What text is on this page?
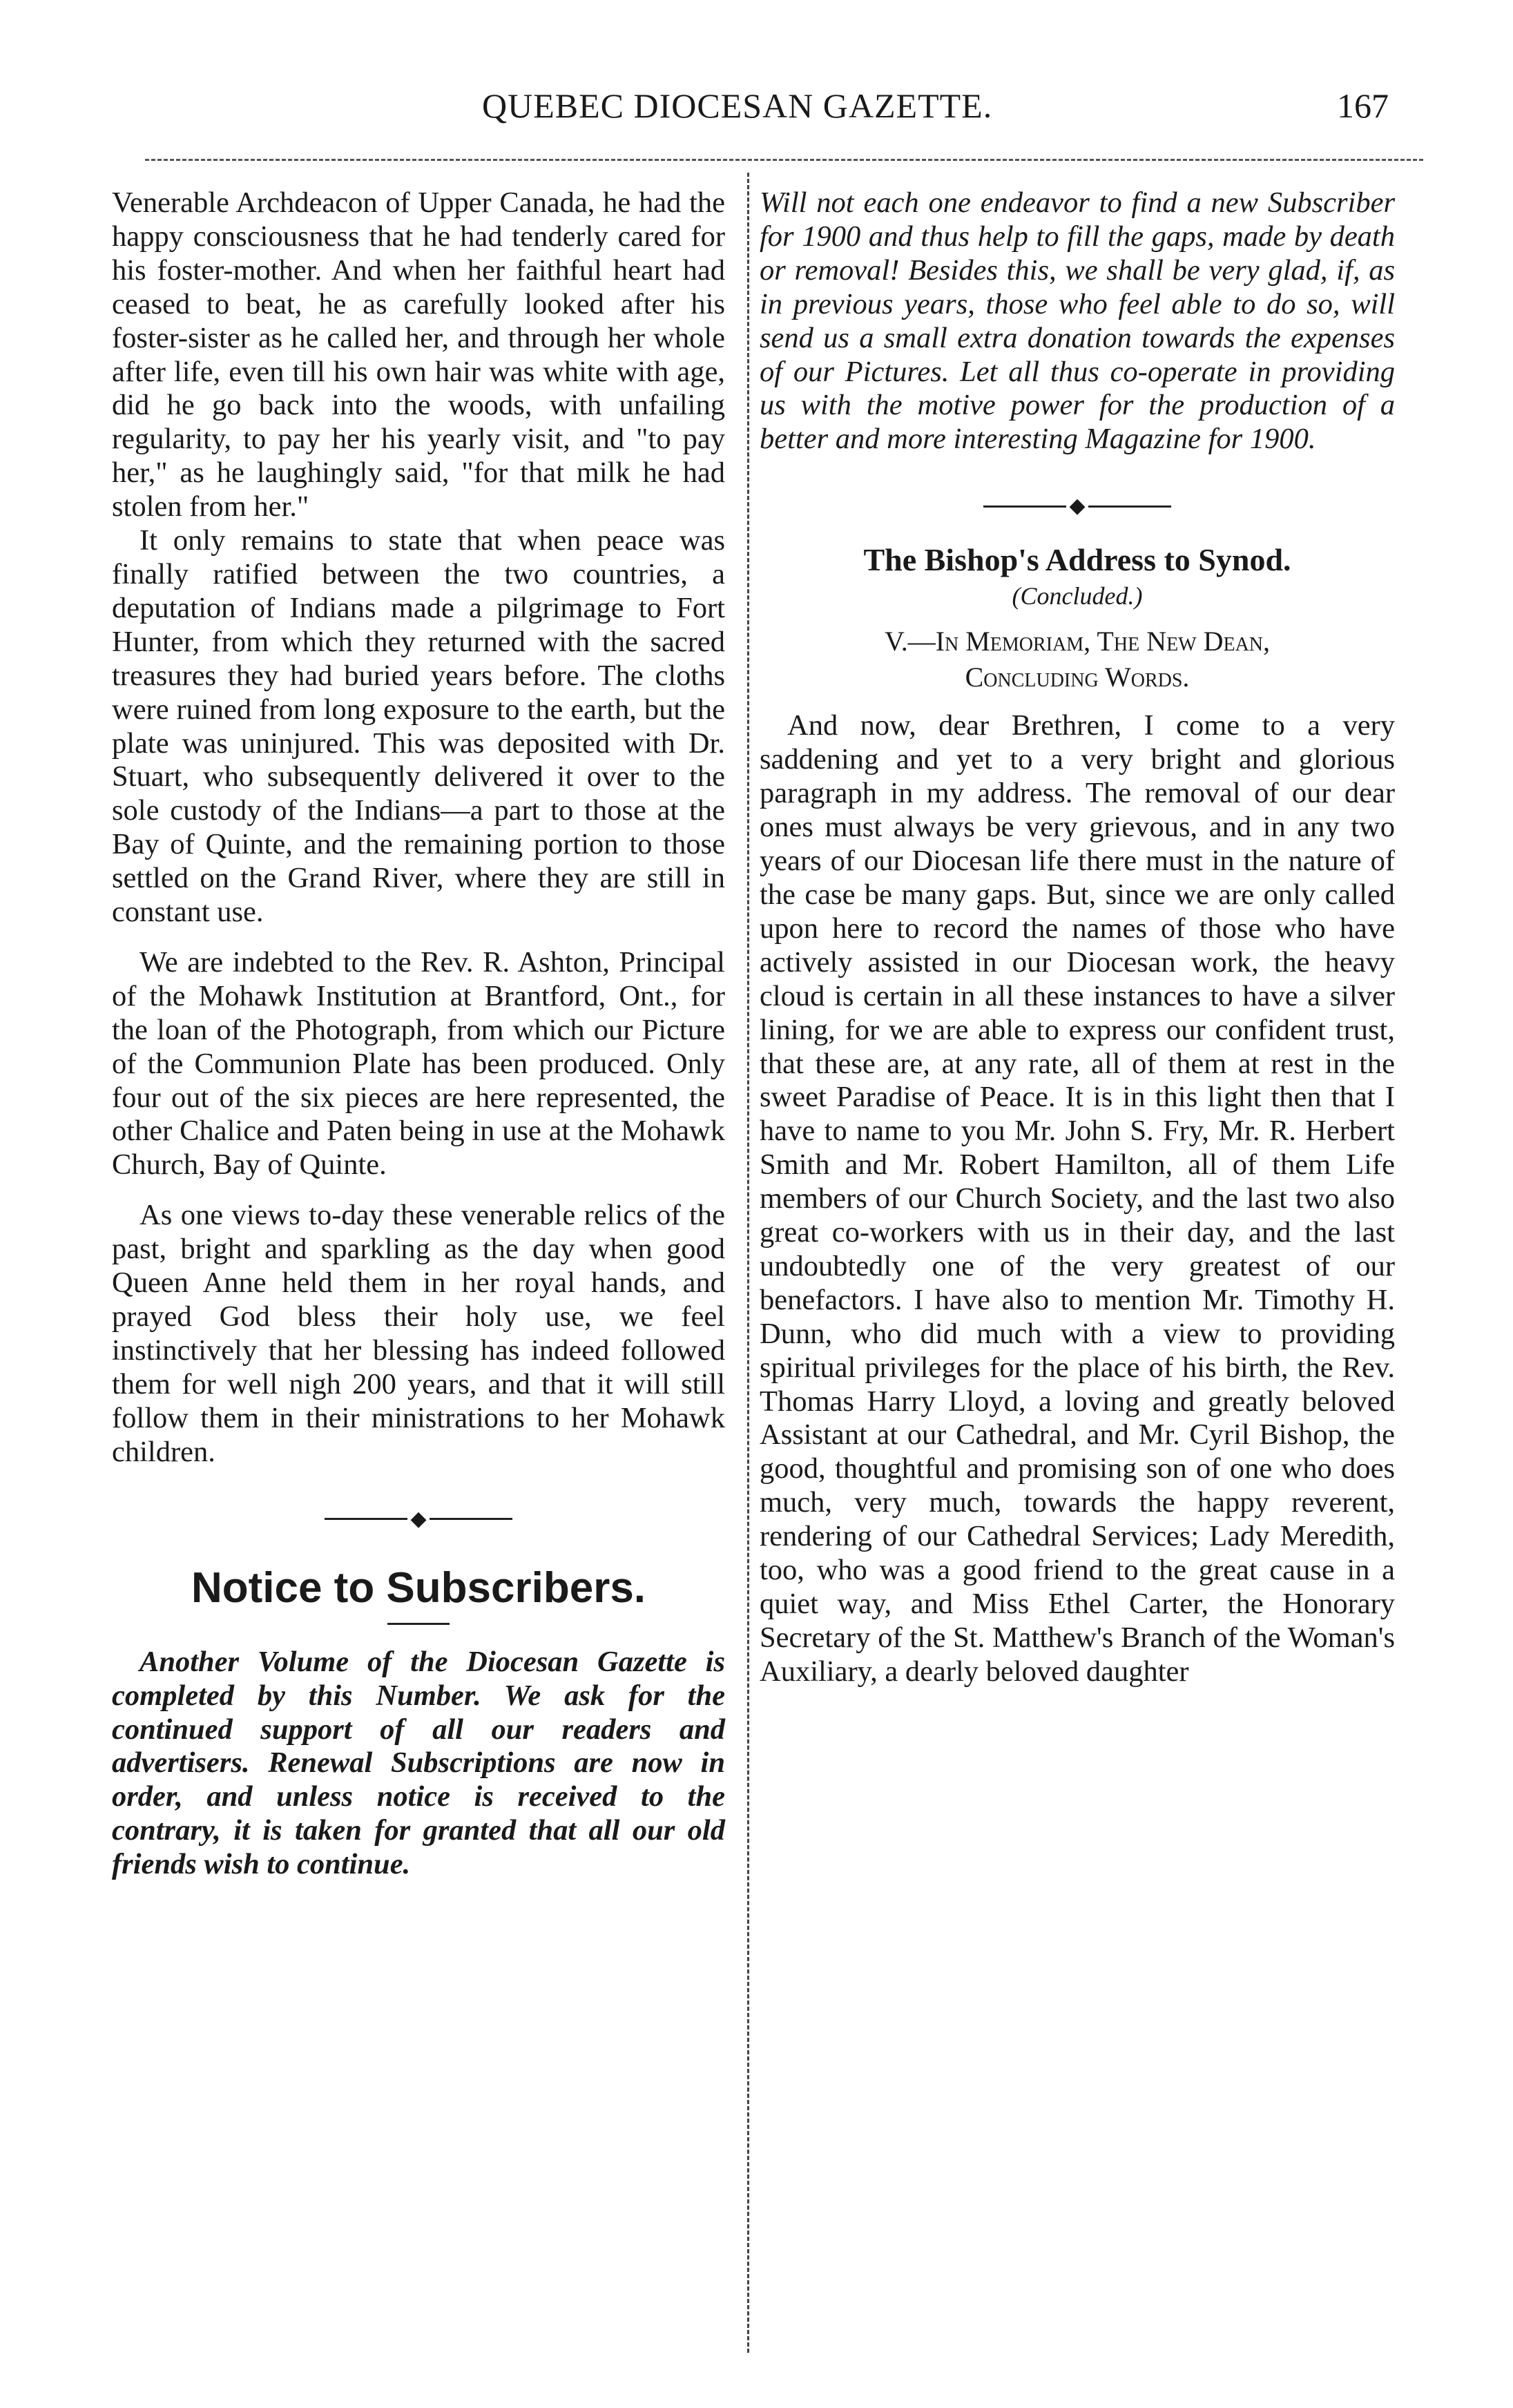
QUEBEC DIOCESAN GAZETTE.	167

Venerable Archdeacon of Upper Canada, he had the happy consciousness that he had tenderly cared for his foster-mother. And when her faithful heart had ceased to beat, he as carefully looked after his foster-sister as he called her, and through her whole after life, even till his own hair was white with age, did he go back into the woods, with unfailing regularity, to pay her his yearly visit, and "to pay her," as he laughingly said, "for that milk he had stolen from her."

It only remains to state that when peace was finally ratified between the two countries, a deputation of Indians made a pilgrimage to Fort Hunter, from which they returned with the sacred treasures they had buried years before. The cloths were ruined from long exposure to the earth, but the plate was uninjured. This was deposited with Dr. Stuart, who subsequently delivered it over to the sole custody of the Indians—a part to those at the Bay of Quinte, and the remaining portion to those settled on the Grand River, where they are still in constant use.

We are indebted to the Rev. R. Ashton, Principal of the Mohawk Institution at Brantford, Ont., for the loan of the Photograph, from which our Picture of the Communion Plate has been produced. Only four out of the six pieces are here represented, the other Chalice and Paten being in use at the Mohawk Church, Bay of Quinte.

As one views to-day these venerable relics of the past, bright and sparkling as the day when good Queen Anne held them in her royal hands, and prayed God bless their holy use, we feel instinctively that her blessing has indeed followed them for well nigh 200 years, and that it will still follow them in their ministrations to her Mohawk children.

◆
Notice to Subscribers.

Another Volume of the Diocesan Gazette is completed by this Number. We ask for the continued support of all our readers and advertisers. Renewal Subscriptions are now in order, and unless notice is received to the contrary, it is taken for granted that all our old friends wish to continue.

Will not each one endeavor to find a new Subscriber for 1900 and thus help to fill the gaps, made by death or removal! Besides this, we shall be very glad, if, as in previous years, those who feel able to do so, will send us a small extra donation towards the expenses of our Pictures. Let all thus co-operate in providing us with the motive power for the production of a better and more interesting Magazine for 1900.

◆
The Bishop's Address to Synod.
(Concluded.)
V.—In Memoriam, The New Dean,
Concluding Words.

And now, dear Brethren, I come to a very saddening and yet to a very bright and glorious paragraph in my address. The removal of our dear ones must always be very grievous, and in any two years of our Diocesan life there must in the nature of the case be many gaps. But, since we are only called upon here to record the names of those who have actively assisted in our Diocesan work, the heavy cloud is certain in all these instances to have a silver lining, for we are able to express our confident trust, that these are, at any rate, all of them at rest in the sweet Paradise of Peace. It is in this light then that I have to name to you Mr. John S. Fry, Mr. R. Herbert Smith and Mr. Robert Hamilton, all of them Life members of our Church Society, and the last two also great co-workers with us in their day, and the last undoubtedly one of the very greatest of our benefactors. I have also to mention Mr. Timothy H. Dunn, who did much with a view to providing spiritual privileges for the place of his birth, the Rev. Thomas Harry Lloyd, a loving and greatly beloved Assistant at our Cathedral, and Mr. Cyril Bishop, the good, thoughtful and promising son of one who does much, very much, towards the happy reverent, rendering of our Cathedral Services; Lady Meredith, too, who was a good friend to the great cause in a quiet way, and Miss Ethel Carter, the Honorary Secretary of the St. Matthew's Branch of the Woman's Auxiliary, a dearly beloved daughter
